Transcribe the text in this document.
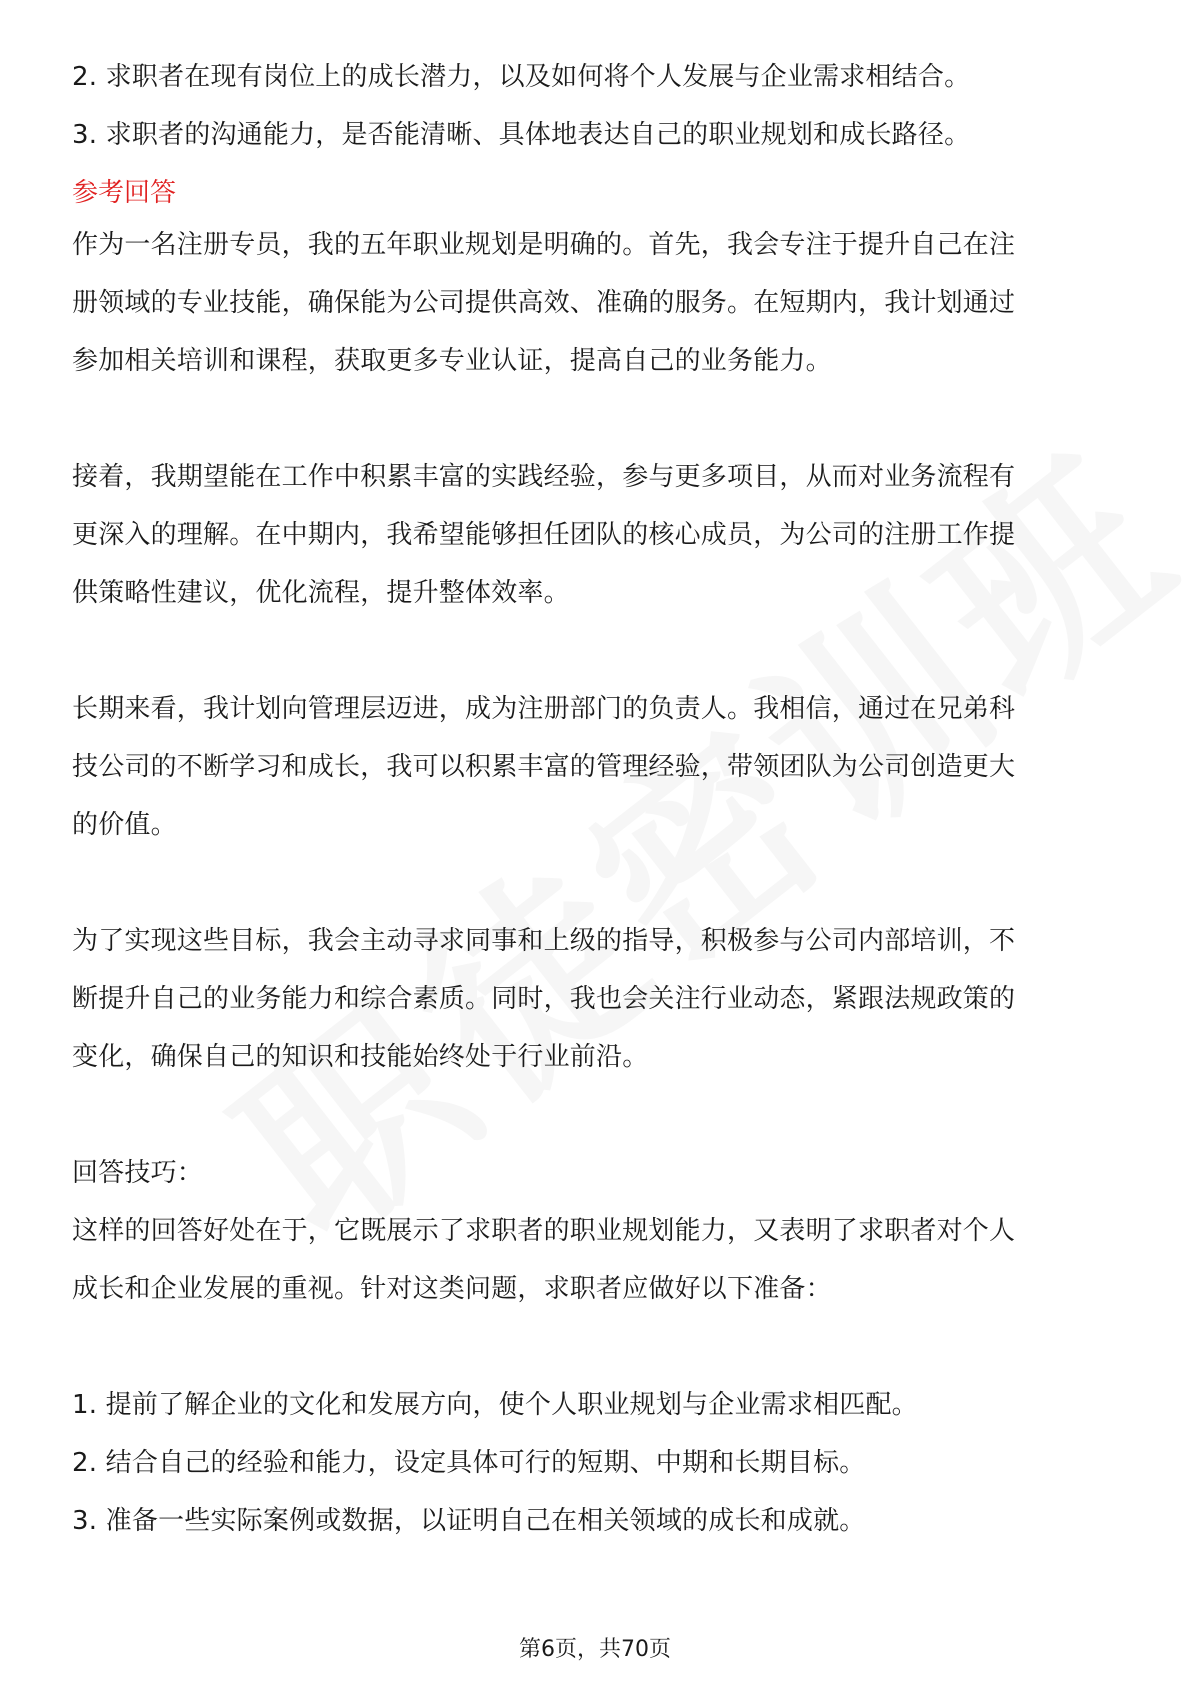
2. 求职者在现有岗位上的成长潜力，以及如何将个人发展与企业需求相结合。
3. 求职者的沟通能力，是否能清晰、具体地表达自己的职业规划和成长路径。
参考回答
作为一名注册专员，我的五年职业规划是明确的。首先，我会专注于提升自己在注
册领域的专业技能，确保能为公司提供高效、准确的服务。在短期内，我计划通过
参加相关培训和课程，获取更多专业认证，提高自己的业务能力。
接着，我期望能在工作中积累丰富的实践经验，参与更多项目，从而对业务流程有
更深入的理解。在中期内，我希望能够担任团队的核心成员，为公司的注册工作提
供策略性建议，优化流程，提升整体效率。
长期来看，我计划向管理层迈进，成为注册部门的负责人。我相信，通过在兄弟科
技公司的不断学习和成长，我可以积累丰富的管理经验，带领团队为公司创造更大
的价值。
为了实现这些目标，我会主动寻求同事和上级的指导，积极参与公司内部培训，不
断提升自己的业务能力和综合素质。同时，我也会关注行业动态，紧跟法规政策的
变化，确保自己的知识和技能始终处于行业前沿。
回答技巧：
这样的回答好处在于，它既展示了求职者的职业规划能力，又表明了求职者对个人
成长和企业发展的重视。针对这类问题，求职者应做好以下准备：
1. 提前了解企业的文化和发展方向，使个人职业规划与企业需求相匹配。
2. 结合自己的经验和能力，设定具体可行的短期、中期和长期目标。
3. 准备一些实际案例或数据，以证明自己在相关领域的成长和成就。
第6页，共70页
